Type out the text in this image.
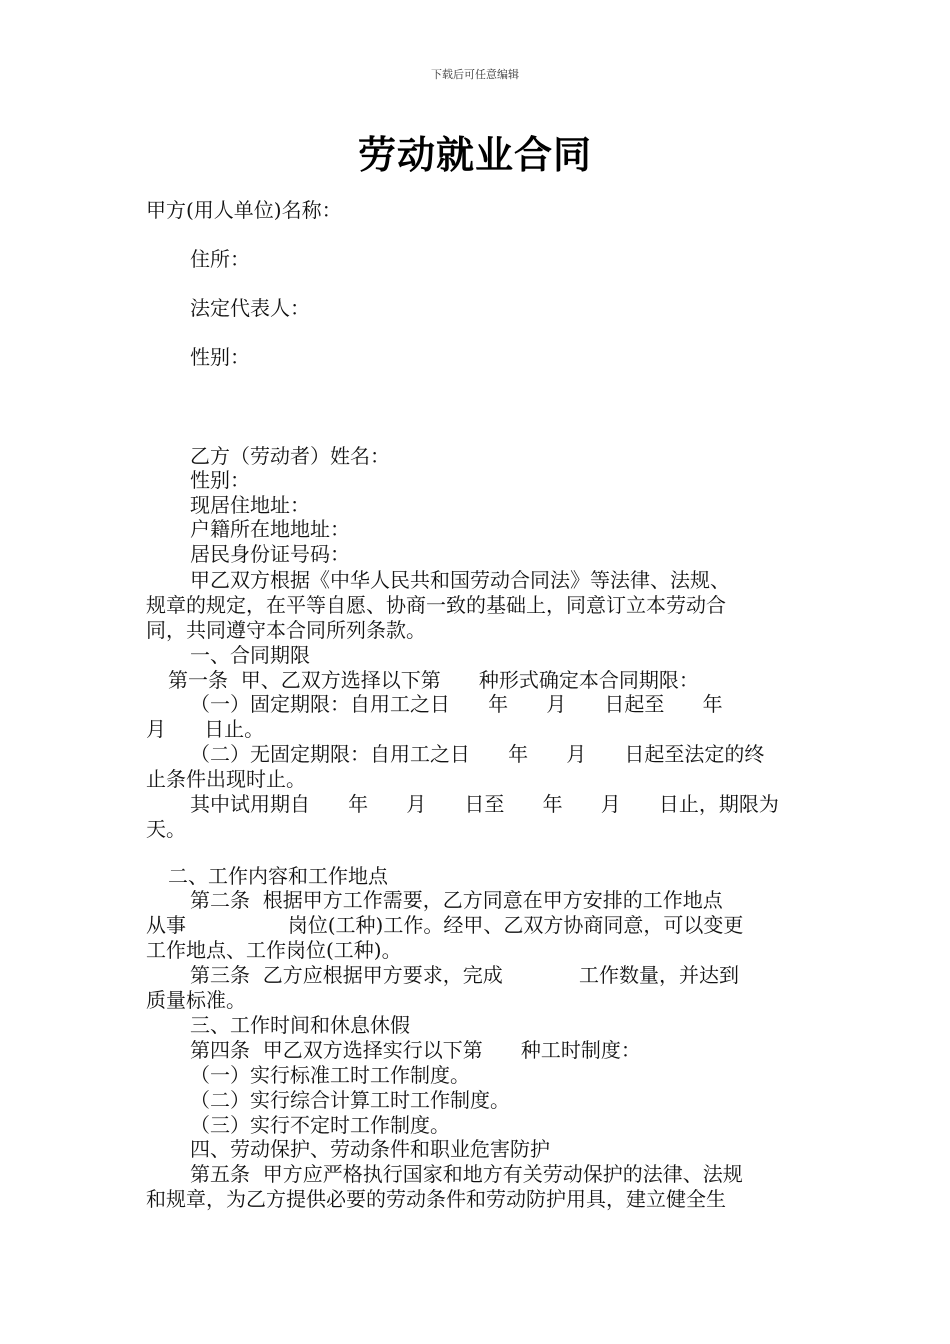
下载后可任意编辑
劳动就业合同
甲方(用人单位)名称：
住所：
法定代表人：
性别：
乙方（劳动者）姓名：
性别：
现居住地址：
户籍所在地地址：
居民身份证号码：
甲乙双方根据《中华人民共和国劳动合同法》等法律、法规、
规章的规定，在平等自愿、协商一致的基础上，同意订立本劳动合
同，共同遵守本合同所列条款。
一、合同期限
第一条  甲、乙双方选择以下第      种形式确定本合同期限：
（一）固定期限：自用工之日      年      月      日起至      年
月      日止。
（二）无固定期限：自用工之日      年      月      日起至法定的终
止条件出现时止。
其中试用期自      年      月      日至      年      月      日止，期限为
天。
二、工作内容和工作地点
第二条  根据甲方工作需要，乙方同意在甲方安排的工作地点
从事                岗位(工种)工作。经甲、乙双方协商同意，可以变更
工作地点、工作岗位(工种)。
第三条  乙方应根据甲方要求，完成            工作数量，并达到
质量标准。
三、工作时间和休息休假
第四条  甲乙双方选择实行以下第      种工时制度：
（一）实行标准工时工作制度。
（二）实行综合计算工时工作制度。
（三）实行不定时工作制度。
四、劳动保护、劳动条件和职业危害防护
第五条  甲方应严格执行国家和地方有关劳动保护的法律、法规
和规章，为乙方提供必要的劳动条件和劳动防护用具，建立健全生
